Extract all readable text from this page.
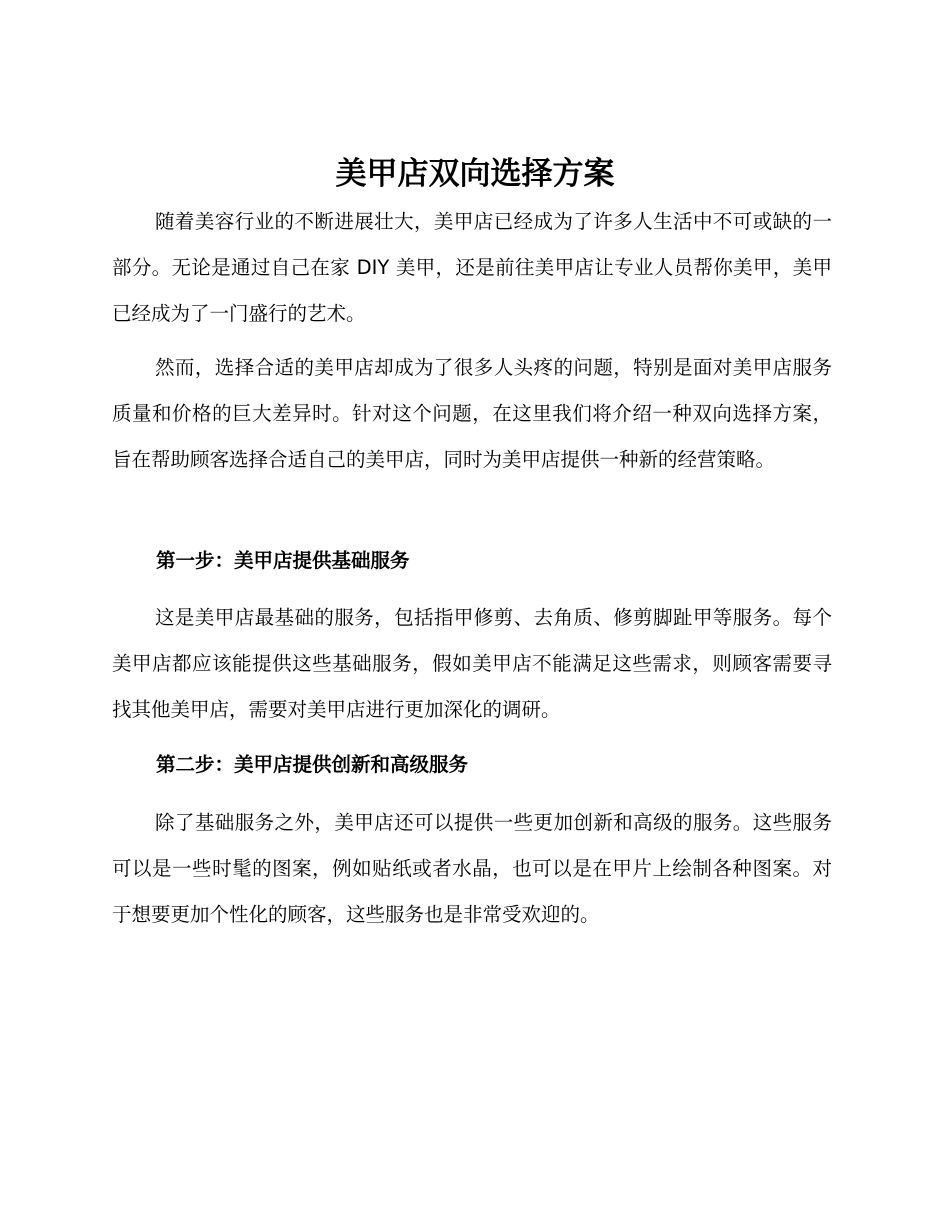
美甲店双向选择方案

随着美容行业的不断进展壮大，美甲店已经成为了许多人生活中不可或缺的一部分。无论是通过自己在家 DIY 美甲，还是前往美甲店让专业人员帮你美甲，美甲已经成为了一门盛行的艺术。

然而，选择合适的美甲店却成为了很多人头疼的问题，特别是面对美甲店服务质量和价格的巨大差异时。针对这个问题，在这里我们将介绍一种双向选择方案，旨在帮助顾客选择合适自己的美甲店，同时为美甲店提供一种新的经营策略。

第一步：美甲店提供基础服务

这是美甲店最基础的服务，包括指甲修剪、去角质、修剪脚趾甲等服务。每个美甲店都应该能提供这些基础服务，假如美甲店不能满足这些需求，则顾客需要寻找其他美甲店，需要对美甲店进行更加深化的调研。

第二步：美甲店提供创新和高级服务

除了基础服务之外，美甲店还可以提供一些更加创新和高级的服务。这些服务可以是一些时髦的图案，例如贴纸或者水晶，也可以是在甲片上绘制各种图案。对于想要更加个性化的顾客，这些服务也是非常受欢迎的。
